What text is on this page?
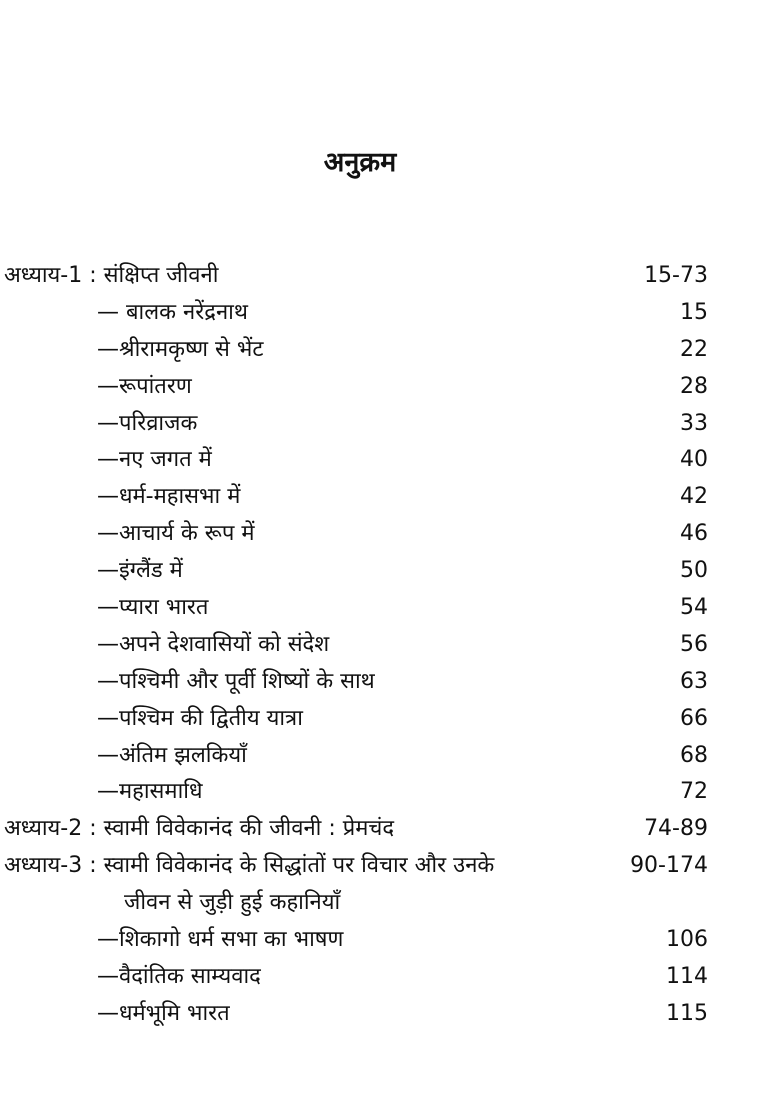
अनुक्रम
अध्याय-1 : संक्षिप्त जीवनी	15-73
— बालक नरेंद्रनाथ	15
—श्रीरामकृष्ण से भेंट	22
—रूपांतरण	28
—परिव्राजक	33
—नए जगत में	40
—धर्म-महासभा में	42
—आचार्य के रूप में	46
—इंग्लैंड में	50
—प्यारा भारत	54
—अपने देशवासियों को संदेश	56
—पश्चिमी और पूर्वी शिष्यों के साथ	63
—पश्चिम की द्वितीय यात्रा	66
—अंतिम झलकियाँ	68
—महासमाधि	72
अध्याय-2 : स्वामी विवेकानंद की जीवनी : प्रेमचंद	74-89
अध्याय-3 : स्वामी विवेकानंद के सिद्धांतों पर विचार और उनके	90-174
जीवन से जुड़ी हुई कहानियाँ
—शिकागो धर्म सभा का भाषण	106
—वैदांतिक साम्यवाद	114
—धर्मभूमि भारत	115
